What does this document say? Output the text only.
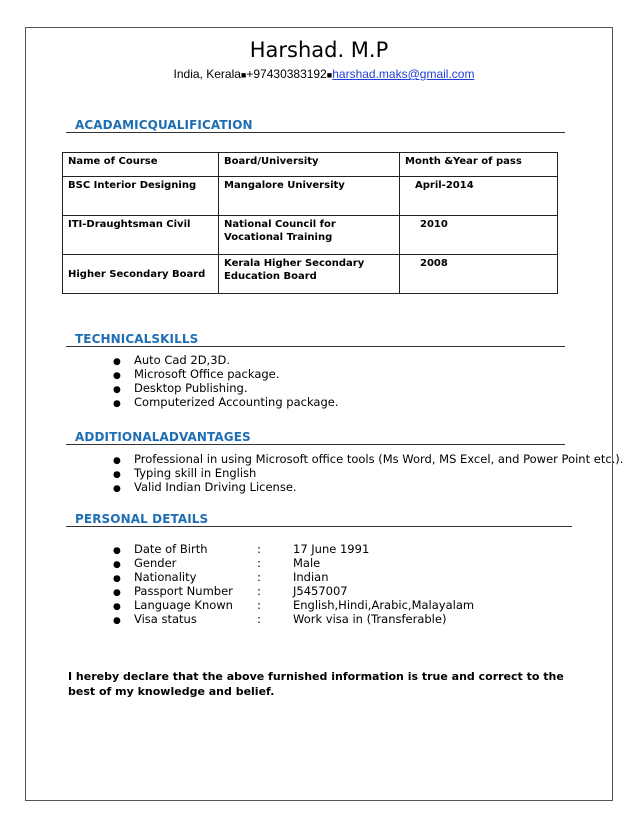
Harshad. M.P
India, Kerala■+97430383192■harshad.maks@gmail.com
ACADAMICQUALIFICATION
Name of Course	Board/University	Month &Year of pass
BSC Interior Designing	Mangalore University	April-2014
ITI-Draughtsman Civil	National Council for Vocational Training	2010
Higher Secondary Board	Kerala Higher Secondary Education Board	2008
TECHNICALSKILLS
● Auto Cad 2D,3D.
● Microsoft Office package.
● Desktop Publishing.
● Computerized Accounting package.
ADDITIONALADVANTAGES
● Professional in using Microsoft office tools (Ms Word, MS Excel, and Power Point etc.).
● Typing skill in English
● Valid Indian Driving License.
PERSONAL DETAILS
● Date of Birth	:	17 June 1991
● Gender	:	Male
● Nationality	:	Indian
● Passport Number :	J5457007
● Language Known :	English,Hindi,Arabic,Malayalam
● Visa status	:	Work visa in (Transferable)
I hereby declare that the above furnished information is true and correct to the best of my knowledge and belief.
